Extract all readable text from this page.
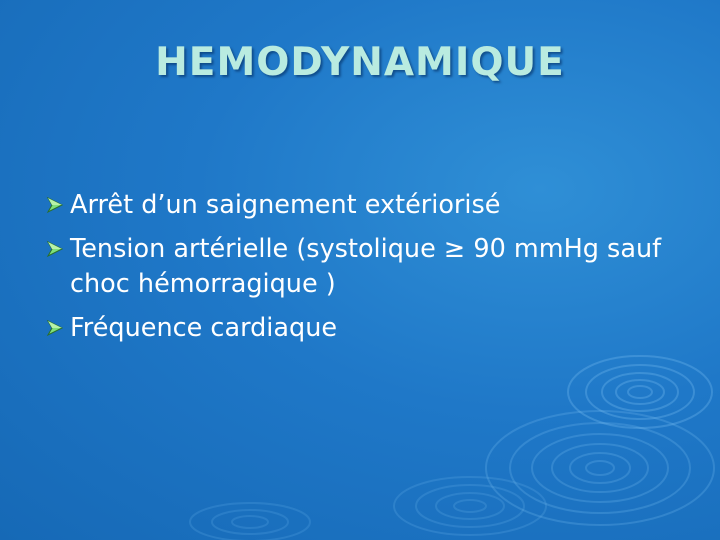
HEMODYNAMIQUE
Arrêt d’un saignement extériorisé
Tension artérielle (systolique ≥ 90 mmHg sauf choc hémorragique )
Fréquence cardiaque
